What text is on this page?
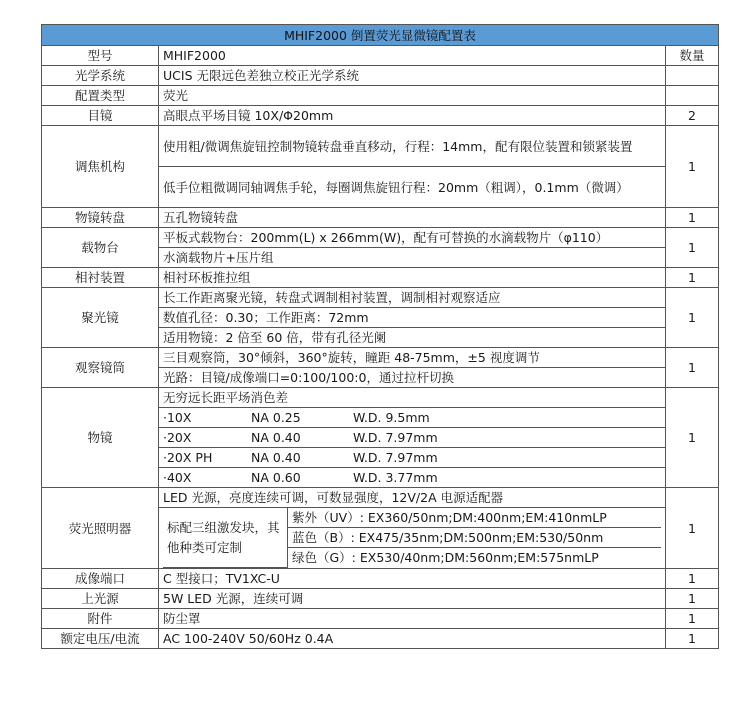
MHIF2000 倒置荧光显微镜配置表
型号	MHIF2000	数量
光学系统	UCIS 无限远色差独立校正光学系统	
配置类型	荧光	
目镜	高眼点平场目镜 10X/Φ20mm	2
调焦机构	使用粗/微调焦旋钮控制物镜转盘垂直移动，行程：14mm，配有限位装置和锁紧装置	1
低手位粗微调同轴调焦手轮，每圈调焦旋钮行程：20mm（粗调），0.1mm（微调）
物镜转盘	五孔物镜转盘	1
载物台	平板式载物台：200mm(L) x 266mm(W)，配有可替换的水滴载物片（φ110）	1
水滴载物片+压片组
相衬装置	相衬环板推拉组	1
聚光镜	长工作距离聚光镜，转盘式调制相衬装置，调制相衬观察适应	1
数值孔径：0.30；工作距离：72mm
适用物镜：2 倍至 60 倍，带有孔径光阑
观察镜筒	三目观察筒，30°倾斜，360°旋转，瞳距 48-75mm，±5 视度调节	1
光路：目镜/成像端口=0:100/100:0，通过拉杆切换
物镜	无穷远长距平场消色差	1
·10X	NA 0.25	W.D. 9.5mm
·20X	NA 0.40	W.D. 7.97mm
·20X PH	NA 0.40	W.D. 7.97mm
·40X	NA 0.60	W.D. 3.77mm
荧光照明器	LED 光源，亮度连续可调，可数显强度，12V/2A 电源适配器	1

标配三组激发块，其他种类可定制	紫外（UV）: EX360/50nm;DM:400nm;EM:410nmLP
蓝色（B）: EX475/35nm;DM:500nm;EM:530/50nm
绿色（G）: EX530/40nm;DM:560nm;EM:575nmLP

成像端口	C 型接口；TV1XC-U	1
上光源	5W LED 光源，连续可调	1
附件	防尘罩	1
额定电压/电流	AC 100-240V 50/60Hz 0.4A	1
